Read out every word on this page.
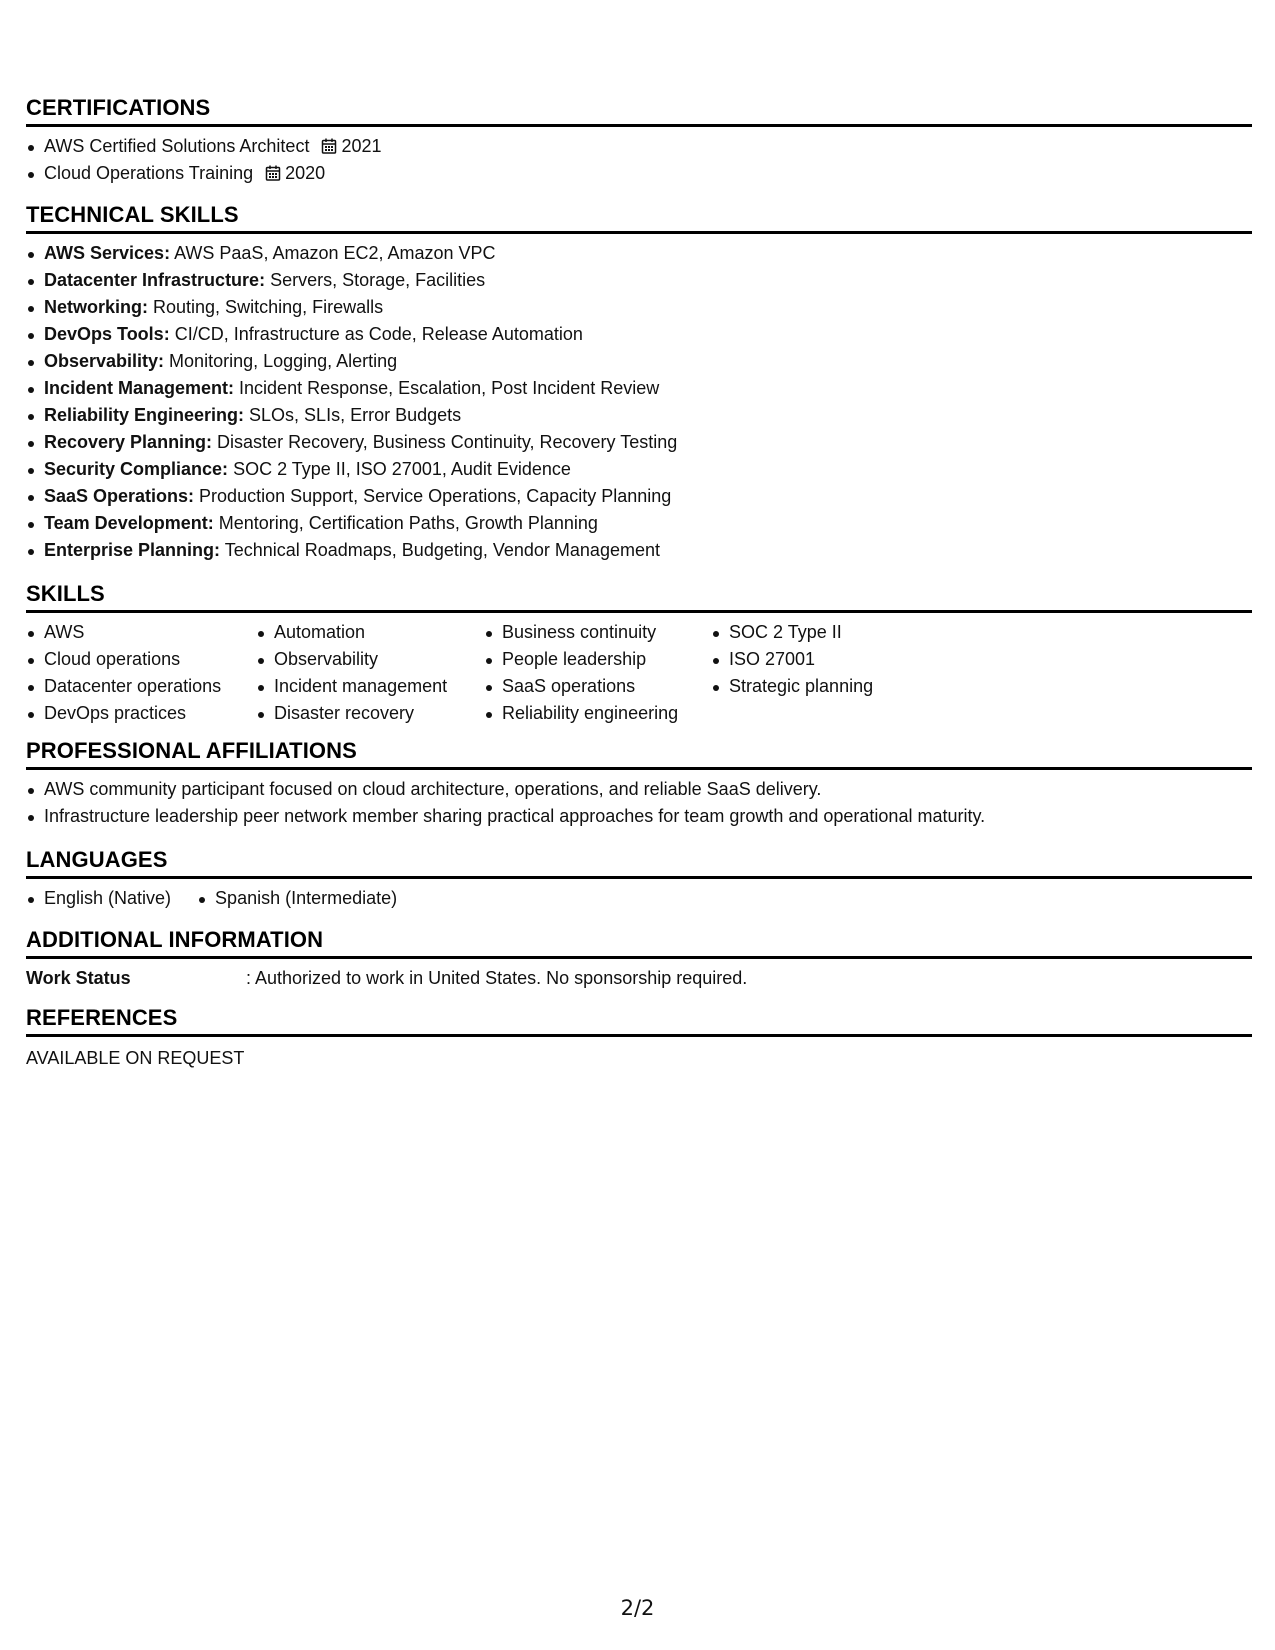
CERTIFICATIONS
AWS Certified Solutions Architect 2021
Cloud Operations Training 2020
TECHNICAL SKILLS
AWS Services: AWS PaaS, Amazon EC2, Amazon VPC
Datacenter Infrastructure: Servers, Storage, Facilities
Networking: Routing, Switching, Firewalls
DevOps Tools: CI/CD, Infrastructure as Code, Release Automation
Observability: Monitoring, Logging, Alerting
Incident Management: Incident Response, Escalation, Post Incident Review
Reliability Engineering: SLOs, SLIs, Error Budgets
Recovery Planning: Disaster Recovery, Business Continuity, Recovery Testing
Security Compliance: SOC 2 Type II, ISO 27001, Audit Evidence
SaaS Operations: Production Support, Service Operations, Capacity Planning
Team Development: Mentoring, Certification Paths, Growth Planning
Enterprise Planning: Technical Roadmaps, Budgeting, Vendor Management
SKILLS
AWS
Cloud operations
Datacenter operations
DevOps practices
Automation
Observability
Incident management
Disaster recovery
Business continuity
People leadership
SaaS operations
Reliability engineering
SOC 2 Type II
ISO 27001
Strategic planning
PROFESSIONAL AFFILIATIONS
AWS community participant focused on cloud architecture, operations, and reliable SaaS delivery.
Infrastructure leadership peer network member sharing practical approaches for team growth and operational maturity.
LANGUAGES
English (Native)	Spanish (Intermediate)
ADDITIONAL INFORMATION
Work Status	: Authorized to work in United States. No sponsorship required.
REFERENCES
AVAILABLE ON REQUEST
2/2
